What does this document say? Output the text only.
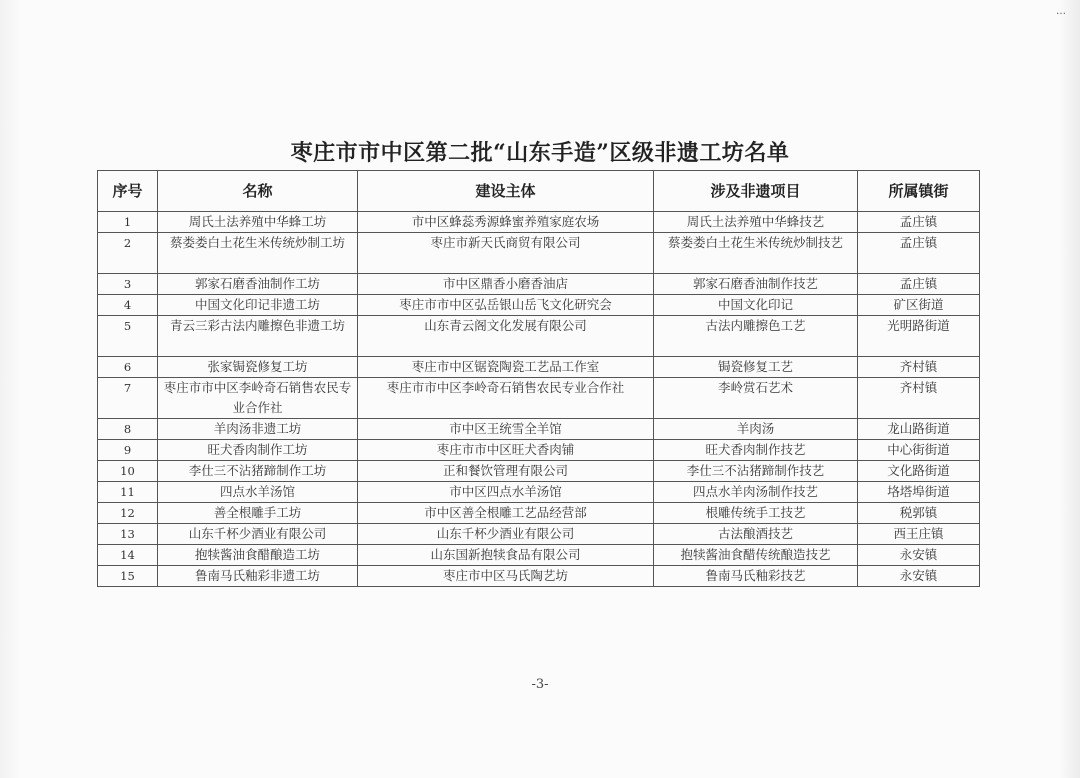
…
枣庄市市中区第二批“山东手造”区级非遗工坊名单
序号	名称	建设主体	涉及非遗项目	所属镇街
1	周氏土法养殖中华蜂工坊	市中区蜂蕊秀源蜂蜜养殖家庭农场	周氏土法养殖中华蜂技艺	孟庄镇
2	蔡娄娄白土花生米传统炒制工坊	枣庄市新天氏商贸有限公司	蔡娄娄白土花生米传统炒制技艺	孟庄镇
3	郭家石磨香油制作工坊	市中区鼎香小磨香油店	郭家石磨香油制作技艺	孟庄镇
4	中国文化印记非遗工坊	枣庄市市中区弘岳银山岳飞文化研究会	中国文化印记	矿区街道
5	青云三彩古法内雕擦色非遗工坊	山东青云阁文化发展有限公司	古法内雕擦色工艺	光明路街道
6	张家锔瓷修复工坊	枣庄市中区锯瓷陶瓷工艺品工作室	锔瓷修复工艺	齐村镇
7	枣庄市市中区李岭奇石销售农民专业合作社	枣庄市市中区李岭奇石销售农民专业合作社	李岭赏石艺术	齐村镇
8	羊肉汤非遗工坊	市中区王统雪全羊馆	羊肉汤	龙山路街道
9	旺犬香肉制作工坊	枣庄市市中区旺犬香肉铺	旺犬香肉制作技艺	中心街街道
10	李仕三不沾猪蹄制作工坊	正和餐饮管理有限公司	李仕三不沾猪蹄制作技艺	文化路街道
11	四点水羊汤馆	市中区四点水羊汤馆	四点水羊肉汤制作技艺	垎塔埠街道
12	善全根雕手工坊	市中区善全根雕工艺品经营部	根雕传统手工技艺	税郭镇
13	山东千杯少酒业有限公司	山东千杯少酒业有限公司	古法酿酒技艺	西王庄镇
14	抱犊酱油食醋酿造工坊	山东国新抱犊食品有限公司	抱犊酱油食醋传统酿造技艺	永安镇
15	鲁南马氏釉彩非遗工坊	枣庄市中区马氏陶艺坊	鲁南马氏釉彩技艺	永安镇
-3-
